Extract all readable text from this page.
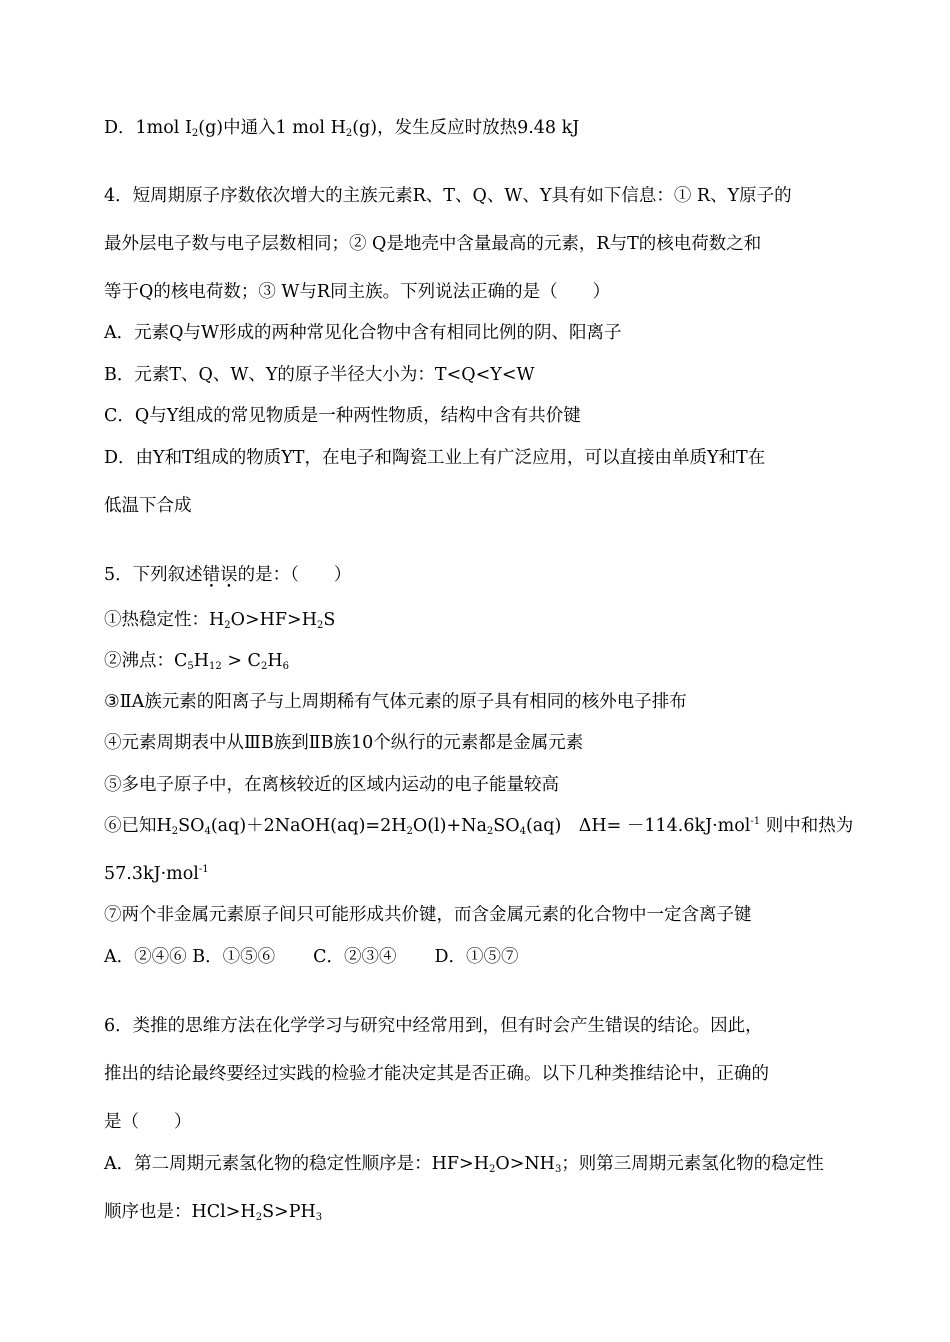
D．1mol $I_2(g)$中通入1 mol $H_2(g)$，发生反应时放热9.48 kJ
4．短周期原子序数依次增大的主族元素R、T、Q、W、Y具有如下信息：① R、Y原子的
最外层电子数与电子层数相同；② Q是地壳中含量最高的元素，R与T的核电荷数之和
等于Q的核电荷数；③ W与R同主族。下列说法正确的是（　　）
A．元素Q与W形成的两种常见化合物中含有相同比例的阴、阳离子
B．元素T、Q、W、Y的原子半径大小为：T<Q<Y<W
C．Q与Y组成的常见物质是一种两性物质，结构中含有共价键
D．由Y和T组成的物质YT，在电子和陶瓷工业上有广泛应用，可以直接由单质Y和T在
低温下合成
5．下列叙述错误的是：（　　）
①热稳定性：$H_2O>HF>H_2S$
②沸点：$C_5H_{12} > C_2H_6$
③ⅡA族元素的阳离子与上周期稀有气体元素的原子具有相同的核外电子排布
④元素周期表中从ⅢB族到ⅡB族10个纵行的元素都是金属元素
⑤多电子原子中，在离核较近的区域内运动的电子能量较高
⑥已知$H_2SO_4(aq)+2NaOH(aq)=2H_2O(l)+Na_2SO_4(aq)$　ΔH= －114.6kJ·mol$^{-1}$ 则中和热为
57.3kJ·mol$^{-1}$
⑦两个非金属元素原子间只可能形成共价键，而含金属元素的化合物中一定含离子键
A．②④⑥ B．①⑤⑥ C．②③④ D．①⑤⑦
6．类推的思维方法在化学学习与研究中经常用到，但有时会产生错误的结论。因此，
推出的结论最终要经过实践的检验才能决定其是否正确。以下几种类推结论中，正确的
是（　　）
A．第二周期元素氢化物的稳定性顺序是：$HF>H_2O>NH_3$；则第三周期元素氢化物的稳定性
顺序也是：$HCl>H_2S>PH_3$
